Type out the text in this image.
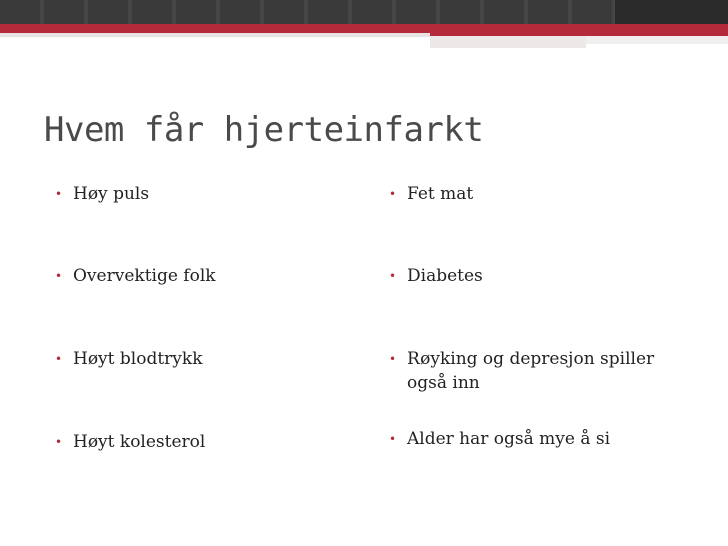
Hvem får hjerteinfarkt
• Høy puls
• Overvektige folk
• Høyt blodtrykk
• Høyt kolesterol
• Fet mat
• Diabetes
• Røyking og depresjon spiller også inn
• Alder har også mye å si
